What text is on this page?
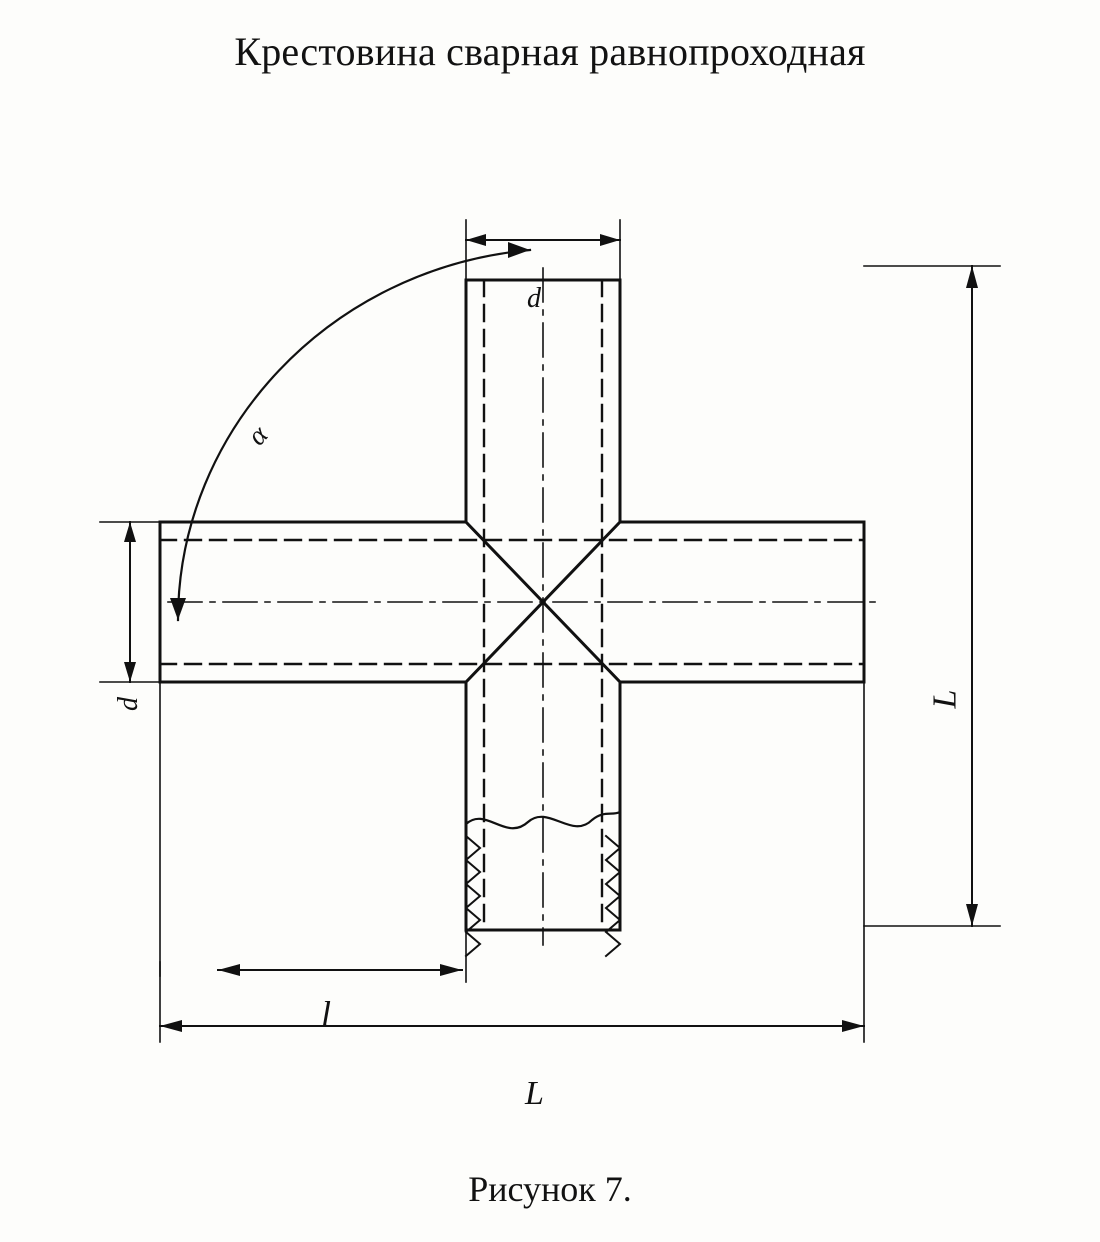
Крестовина сварная равнопроходная
d
d	L
L
l
α
Рисунок 7.
